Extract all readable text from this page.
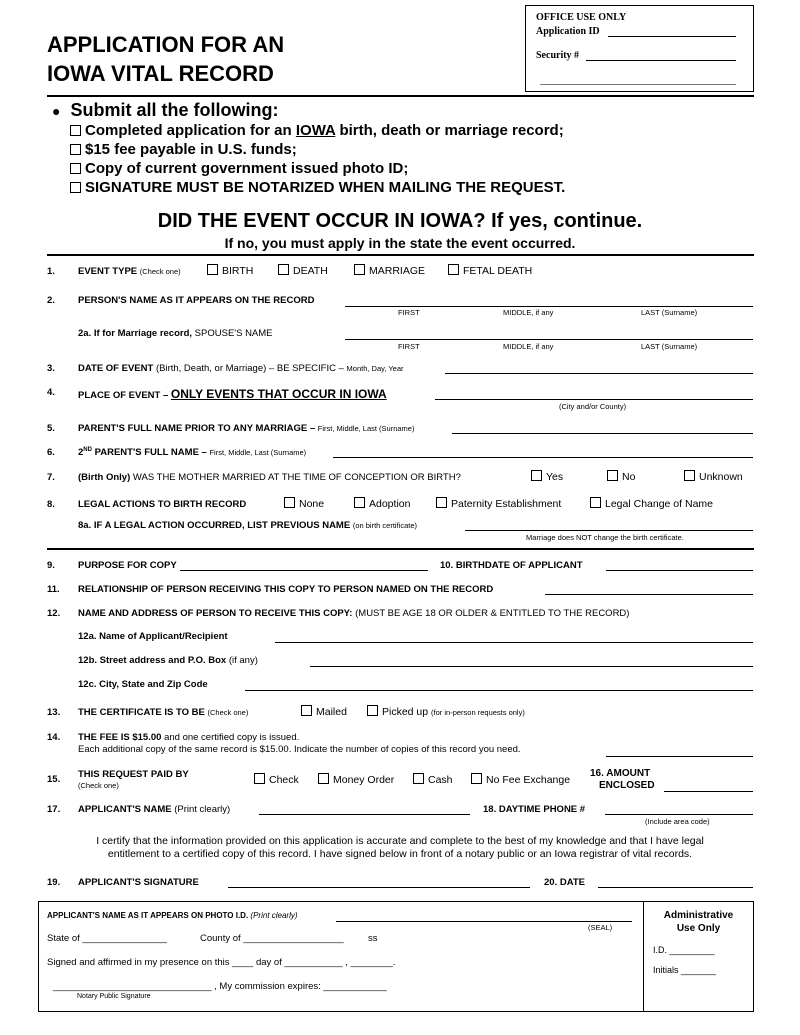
APPLICATION FOR AN
IOWA VITAL RECORD
OFFICE USE ONLY
Application ID
Security #
● Submit all the following:
Completed application for an IOWA birth, death or marriage record;
$15 fee payable in U.S. funds;
Copy of current government issued photo ID;
SIGNATURE MUST BE NOTARIZED WHEN MAILING THE REQUEST.
DID THE EVENT OCCUR IN IOWA? If yes, continue.
If no, you must apply in the state the event occurred.
1. EVENT TYPE (Check one)	BIRTH	DEATH	MARRIAGE	FETAL DEATH
2. PERSON'S NAME AS IT APPEARS ON THE RECORD
FIRST	MIDDLE, if any	LAST (Surname)
2a. If for Marriage record, SPOUSE'S NAME
FIRST	MIDDLE, if any	LAST (Surname)
3. DATE OF EVENT (Birth, Death, or Marriage) – BE SPECIFIC – Month, Day, Year
4. PLACE OF EVENT – ONLY EVENTS THAT OCCUR IN IOWA
(City and/or County)
5. PARENT'S FULL NAME PRIOR TO ANY MARRIAGE – First, Middle, Last (Surname)
6. 2ND PARENT'S FULL NAME – First, Middle, Last (Surname)
7. (Birth Only) WAS THE MOTHER MARRIED AT THE TIME OF CONCEPTION OR BIRTH?	Yes	No	Unknown
8. LEGAL ACTIONS TO BIRTH RECORD	None	Adoption	Paternity Establishment	Legal Change of Name
8a. IF A LEGAL ACTION OCCURRED, LIST PREVIOUS NAME (on birth certificate)
Marriage does NOT change the birth certificate.
9. PURPOSE FOR COPY	10. BIRTHDATE OF APPLICANT
11. RELATIONSHIP OF PERSON RECEIVING THIS COPY TO PERSON NAMED ON THE RECORD
12. NAME AND ADDRESS OF PERSON TO RECEIVE THIS COPY: (MUST BE AGE 18 OR OLDER & ENTITLED TO THE RECORD)
12a. Name of Applicant/Recipient
12b. Street address and P.O. Box (if any)
12c. City, State and Zip Code
13. THE CERTIFICATE IS TO BE (Check one)	Mailed	Picked up (for in-person requests only)
14. THE FEE IS $15.00 and one certified copy is issued.
Each additional copy of the same record is $15.00. Indicate the number of copies of this record you need.
15. THIS REQUEST PAID BY
(Check one)	Check	Money Order	Cash	No Fee Exchange
16. AMOUNT
ENCLOSED
17. APPLICANT'S NAME (Print clearly)	18. DAYTIME PHONE #
(Include area code)
I certify that the information provided on this application is accurate and complete to the best of my knowledge and that I have legal
entitlement to a certified copy of this record. I have signed below in front of a notary public or an Iowa registrar of vital records.
19. APPLICANT'S SIGNATURE	20. DATE
APPLICANT'S NAME AS IT APPEARS ON PHOTO I.D. (Print clearly)
(SEAL)
State of ________________	County of ___________________	ss
Signed and affirmed in my presence on this ____ day of ___________ , ________.
______________________________ , My commission expires: ____________
Notary Public Signature
Administrative
Use Only
I.D. _________
Initials _______
